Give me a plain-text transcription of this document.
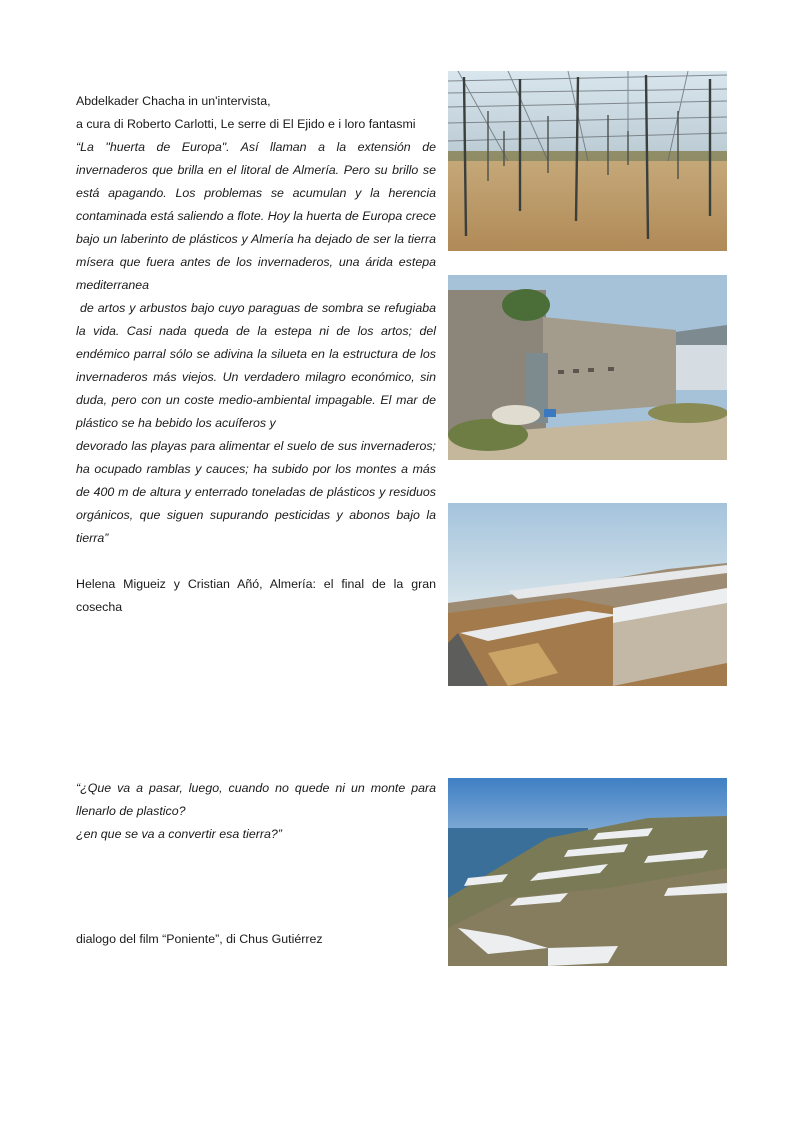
Abdelkader Chacha in un'intervista,
a cura di Roberto Carlotti, Le serre di El Ejido e i loro fantasmi
“La "huerta de Europa". Así llaman a la extensión de invernaderos que brilla en el litoral de Almería. Pero su brillo se está apagando. Los problemas se acumulan y la herencia contaminada está saliendo a flote. Hoy la huerta de Europa crece bajo un laberinto de plásticos y Almería ha dejado de ser la tierra mísera que fuera antes de los invernaderos, una árida estepa mediterranea
de artos y arbustos bajo cuyo paraguas de sombra se refugiaba la vida. Casi nada queda de la estepa ni de los artos; del endémico parral sólo se adivina la silueta en la estructura de los invernaderos más viejos. Un verdadero milagro económico, sin duda, pero con un coste medio-ambiental impagable. El mar de plástico se ha bebido los acuíferos y
devorado las playas para alimentar el suelo de sus invernaderos; ha ocupado ramblas y cauces; ha subido por los montes a más de 400 m de altura y enterrado toneladas de plásticos y residuos orgánicos, que siguen supurando pesticidas y abonos bajo la tierra”
Helena Migueiz y Cristian Añó, Almería: el final de la gran cosecha
“¿Que va a pasar, luego, cuando no quede ni un monte para llenarlo de plastico?
¿en que se va a convertir esa tierra?”
dialogo del film “Poniente”, di Chus Gutiérrez
